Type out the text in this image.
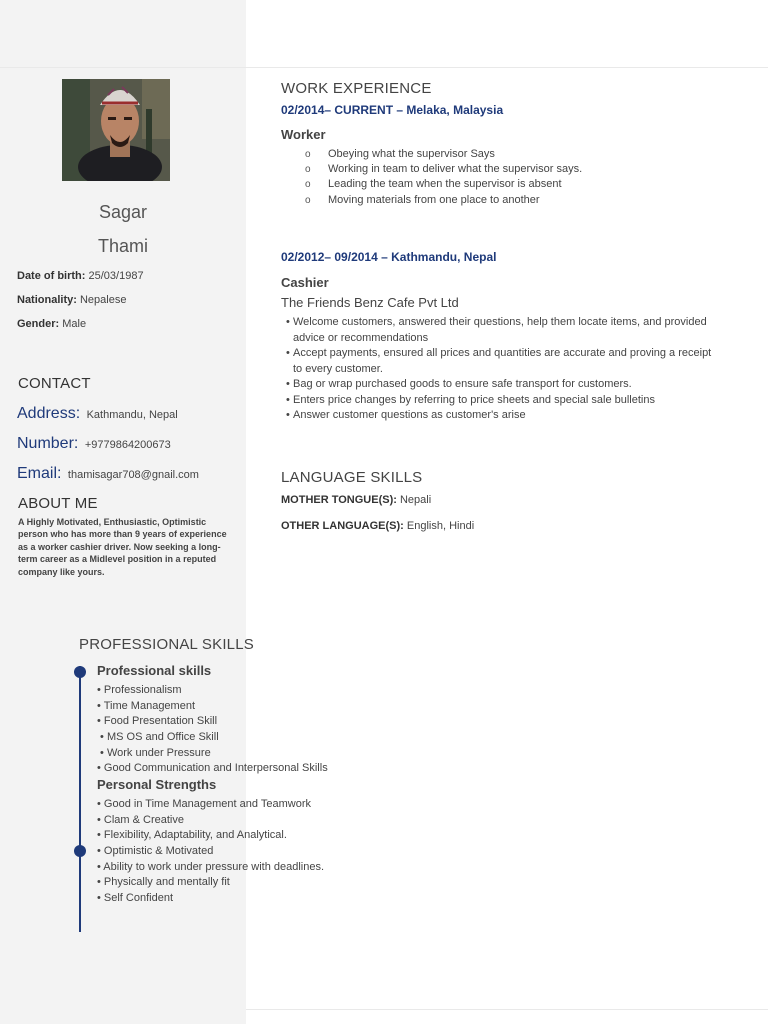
Sagar
Thami
Date of birth: 25/03/1987
Nationality: Nepalese
Gender: Male
CONTACT
Address: Kathmandu, Nepal
Number: +9779864200673
Email: thamisagar708@gnail.com
ABOUT ME
A Highly Motivated, Enthusiastic, Optimistic person who has more than 9 years of experience as a worker cashier driver. Now seeking a long-term career as a Midlevel position in a reputed company like yours.
WORK EXPERIENCE
02/2014– CURRENT – Melaka, Malaysia
Worker
o Obeying what the supervisor Says
o Working in team to deliver what the supervisor says.
o Leading the team when the supervisor is absent
o Moving materials from one place to another
02/2012– 09/2014 – Kathmandu, Nepal
Cashier
The Friends Benz Cafe Pvt Ltd
• Welcome customers, answered their questions, help them locate items, and provided advice or recommendations
• Accept payments, ensured all prices and quantities are accurate and proving a receipt to every customer.
• Bag or wrap purchased goods to ensure safe transport for customers.
• Enters price changes by referring to price sheets and special sale bulletins
• Answer customer questions as customer's arise
LANGUAGE SKILLS
MOTHER TONGUE(S): Nepali
OTHER LANGUAGE(S): English, Hindi
PROFESSIONAL SKILLS
Professional skills
• Professionalism
• Time Management
• Food Presentation Skill
• MS OS and Office Skill
• Work under Pressure
• Good Communication and Interpersonal Skills
Personal Strengths
• Good in Time Management and Teamwork
• Clam & Creative
• Flexibility, Adaptability, and Analytical.
• Optimistic & Motivated
• Ability to work under pressure with deadlines.
• Physically and mentally fit
• Self Confident
